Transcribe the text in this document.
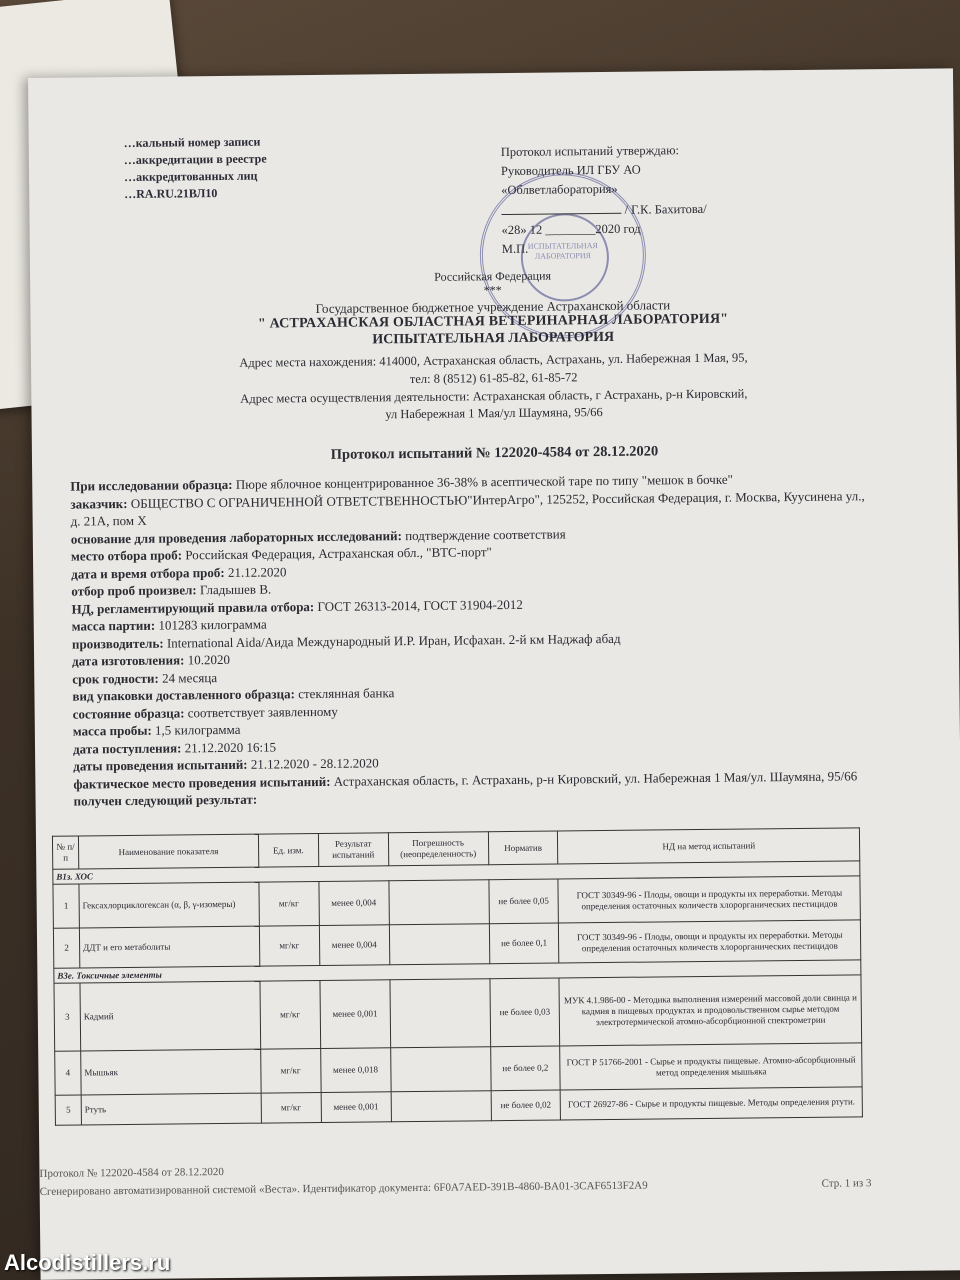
…кальный номер записи
…аккредитации в реестре
…аккредитованных лиц
…RA.RU.21ВЛ10
ИСПЫТАТЕЛЬНАЯ ЛАБОРАТОРИЯ
Протокол испытаний утверждаю:
Руководитель ИЛ ГБУ АО
«Облветлаборатория»
/ Г.К. Бахитова/
«28» 12 ________2020 год
М.П.
Российская Федерация
***
Государственное бюджетное учреждение Астраханской области
" АСТРАХАНСКАЯ ОБЛАСТНАЯ ВЕТЕРИНАРНАЯ ЛАБОРАТОРИЯ"
ИСПЫТАТЕЛЬНАЯ ЛАБОРАТОРИЯ
Адрес места нахождения: 414000, Астраханская область, Астрахань, ул. Набережная 1 Мая, 95,
тел: 8 (8512) 61-85-82, 61-85-72
Адрес места осуществления деятельности: Астраханская область, г Астрахань, р-н Кировский,
ул Набережная 1 Мая/ул Шаумяна, 95/66
Протокол испытаний № 122020-4584 от 28.12.2020
При исследовании образца: Пюре яблочное концентрированное 36-38% в асептической таре по типу "мешок в бочке"
заказчик: ОБЩЕСТВО С ОГРАНИЧЕННОЙ ОТВЕТСТВЕННОСТЬЮ"ИнтерАгро", 125252, Российская Федерация, г. Москва, Куусинена ул., д. 21А, пом X
основание для проведения лабораторных исследований: подтверждение соответствия
место отбора проб: Российская Федерация, Астраханская обл., "ВТС-порт"
дата и время отбора проб: 21.12.2020
отбор проб произвел: Гладышев В.
НД, регламентирующий правила отбора: ГОСТ 26313-2014, ГОСТ 31904-2012
масса партии: 101283 килограмма
производитель: International Aida/Аида Международный И.Р. Иран, Исфахан. 2-й км Наджаф абад
дата изготовления: 10.2020
срок годности: 24 месяца
вид упаковки доставленного образца: стеклянная банка
состояние образца: соответствует заявленному
масса пробы: 1,5 килограмма
дата поступления: 21.12.2020 16:15
даты проведения испытаний: 21.12.2020 - 28.12.2020
фактическое место проведения испытаний: Астраханская область, г. Астрахань, р-н Кировский, ул. Набережная 1 Мая/ул. Шаумяна, 95/66
получен следующий результат:
№ п/п	Наименование показателя	Ед. изм.	Результат испытаний	Погрешность (неопределенность)	Норматив	НД на метод испытаний
В1з. ХОС						
1	Гексахлорциклогексан (α, β, γ-изомеры)	мг/кг	менее 0,004		не более 0,05	ГОСТ 30349-96 - Плоды, овощи и продукты их переработки. Методы определения остаточных количеств хлорорганических пестицидов
2	ДДТ и его метаболиты	мг/кг	менее 0,004		не более 0,1	ГОСТ 30349-96 - Плоды, овощи и продукты их переработки. Методы определения остаточных количеств хлорорганических пестицидов
В3е. Токсичные элементы						
3	Кадмий	мг/кг	менее 0,001		не более 0,03	МУК 4.1.986-00 - Методика выполнения измерений массовой доли свинца и кадмия в пищевых продуктах и продовольственном сырье методом электротермической атомно-абсорбционной спектрометрии
4	Мышьяк	мг/кг	менее 0,018		не более 0,2	ГОСТ Р 51766-2001 - Сырье и продукты пищевые. Атомно-абсорбционный метод определения мышьяка
5	Ртуть	мг/кг	менее 0,001		не более 0,02	ГОСТ 26927-86 - Сырье и продукты пищевые. Методы определения ртути.
Протокол № 122020-4584 от 28.12.2020
Сгенерировано автоматизированной системой «Веста». Идентификатор документа: 6F0A7AED-391B-4860-BA01-3CAF6513F2A9	Стр. 1 из 3
Alcodistillers.ru
